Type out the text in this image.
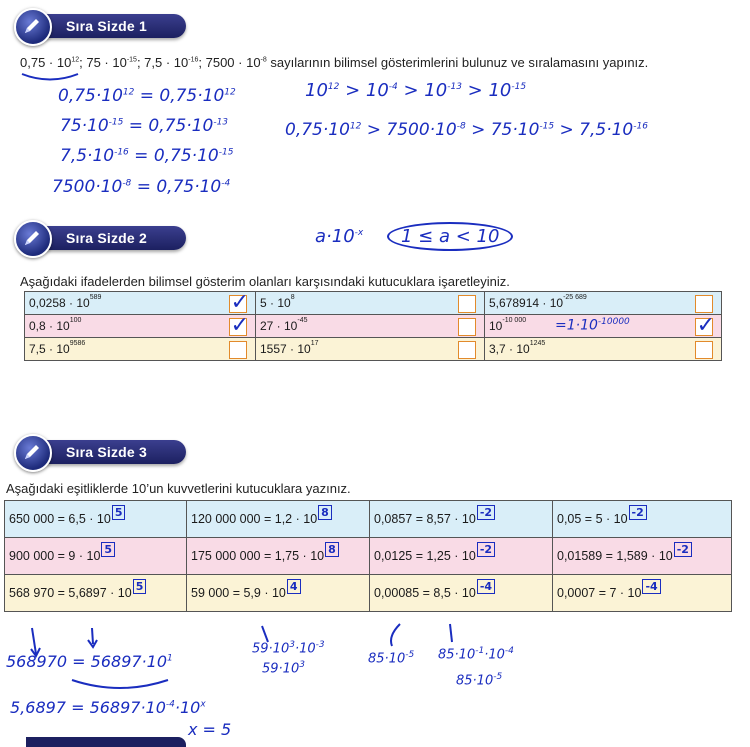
Sıra Sizde 1
$0,75 \cdot 10^{12}$; $75 \cdot 10^{-15}$; $7,5 \cdot 10^{-16}$; $7500 \cdot 10^{-8}$ sayılarının bilimsel gösterimlerini bulunuz ve sıralamasını yapınız.
$0,75\cdot 10^{12} = 0,75\cdot 10^{12}$
$75\cdot 10^{-15} = 0,75\cdot 10^{-13}$
$7,5\cdot 10^{-16} = 0,75\cdot 10^{-15}$
$7500\cdot 10^{-8} = 0,75\cdot 10^{-4}$
$10^{12} > 10^{-4} > 10^{-13} > 10^{-15}$
$0,75\cdot 10^{12} > 7500\cdot 10^{-8} > 75\cdot 10^{-15} > 7,5\cdot 10^{-16}$
Sıra Sizde 2	$a\cdot 10^{-x}$ 1 ≤ a < 10
Aşağıdaki ifadelerden bilimsel gösterim olanları karşısındaki kutucuklara işaretleyiniz.
$0,0258 \cdot 10^{589}$ ✓	$5 \cdot 10^8$	$5,678914 \cdot 10^{-25 689}$

$0,8 \cdot 10^{100}$ ✓	$27 \cdot 10^{-45}$	$10^{-10 000} =1\cdot 10^{-10000}$ ✓

$7,5 \cdot 10^{9586}$	$1557 \cdot 10^{17}$	$3,7 \cdot 10^{1245}$
Sıra Sizde 3
Aşağıdaki eşitliklerde 10’un kuvvetlerini kutucuklara yazınız.
650 000 = 6,5 · 10 5	120 000 000 = 1,2 · 10 8	0,0857 = 8,57 · 10 -2	0,05 = 5 · 10 -2
900 000 = 9 · 10 5	175 000 000 = 1,75 · 10 8	0,0125 = 1,25 · 10 -2	0,01589 = 1,589 · 10 -2
568 970 = 5,6897 · 10 5	59 000 = 5,9 · 10 4	0,00085 = 8,5 · 10 -4	0,0007 = 7 · 10 -4
$568970 = 56897\cdot 10^1$
$5,6897 = 56897\cdot 10^{-4}\cdot 10^x$
x = 5
$59\cdot 10^3\cdot 10^{-3}$
$59\cdot 10^3$	$85\cdot 10^{-5}$ $85\cdot 10^{-1}\cdot 10^{-4}$
$85\cdot 10^{-5}$
